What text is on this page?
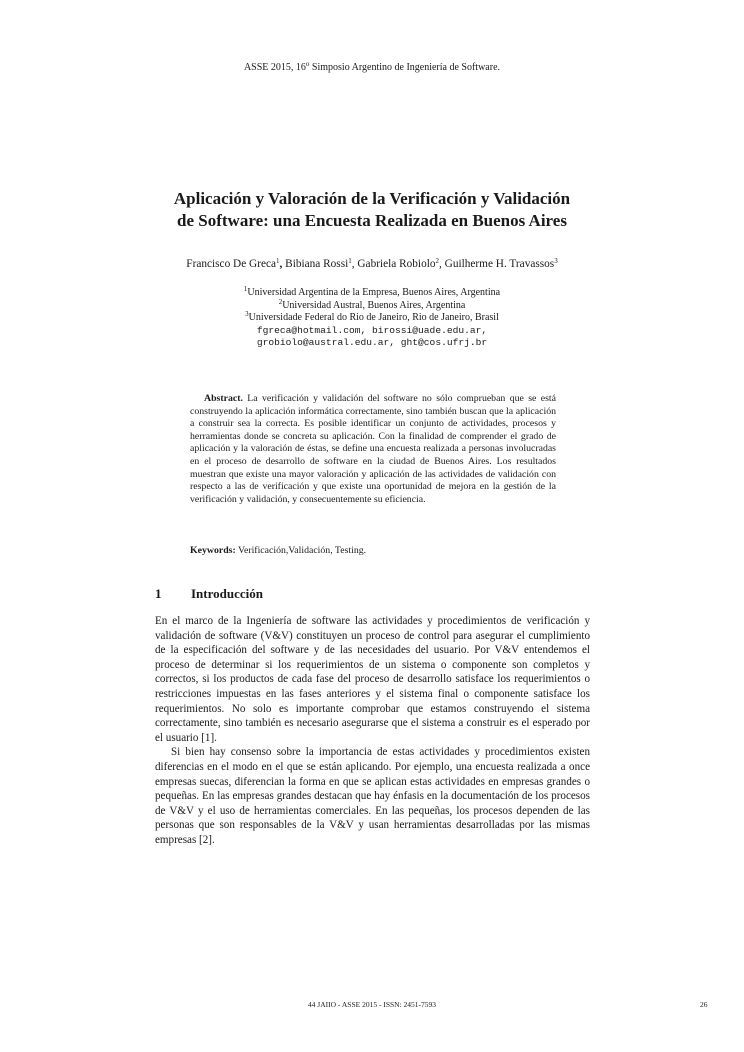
ASSE 2015, 16$^o$ Simposio Argentino de Ingeniería de Software.
Aplicación y Valoración de la Verificación y Validación
de Software: una Encuesta Realizada en Buenos Aires
Francisco De Greca$^1$, Bibiana Rossi$^1$, Gabriela Robiolo$^2$, Guilherme H. Travassos$^3$
$^1$Universidad Argentina de la Empresa, Buenos Aires, Argentina
$^2$Universidad Austral, Buenos Aires, Argentina
$^3$Universidade Federal do Rio de Janeiro, Rio de Janeiro, Brasil
fgreca@hotmail.com, birossi@uade.edu.ar,
grobiolo@austral.edu.ar, ght@cos.ufrj.br

Abstract. La verificación y validación del software no sólo comprueban que se está construyendo la aplicación informática correctamente, sino también buscan que la aplicación a construir sea la correcta. Es posible identificar un conjunto de actividades, procesos y herramientas donde se concreta su aplicación. Con la finalidad de comprender el grado de aplicación y la valoración de éstas, se define una encuesta realizada a personas involucradas en el proceso de desarrollo de software en la ciudad de Buenos Aires. Los resultados muestran que existe una mayor valoración y aplicación de las actividades de validación con respecto a las de verificación y que existe una oportunidad de mejora en la gestión de la verificación y validación, y consecuentemente su eficiencia.

Keywords: Verificación,Validación, Testing.
1 Introducción

En el marco de la Ingeniería de software las actividades y procedimientos de verificación y validación de software (V&V) constituyen un proceso de control para asegurar el cumplimiento de la especificación del software y de las necesidades del usuario. Por V&V entendemos el proceso de determinar si los requerimientos de un sistema o componente son completos y correctos, si los productos de cada fase del proceso de desarrollo satisface los requerimientos o restricciones impuestas en las fases anteriores y el sistema final o componente satisface los requerimientos. No solo es importante comprobar que estamos construyendo el sistema correctamente, sino también es necesario asegurarse que el sistema a construir es el esperado por el usuario [1].

Si bien hay consenso sobre la importancia de estas actividades y procedimientos existen diferencias en el modo en el que se están aplicando. Por ejemplo, una encuesta realizada a once empresas suecas, diferencian la forma en que se aplican estas actividades en empresas grandes o pequeñas. En las empresas grandes destacan que hay énfasis en la documentación de los procesos de V&V y el uso de herramientas comerciales. En las pequeñas, los procesos dependen de las personas que son responsables de la V&V y usan herramientas desarrolladas por las mismas empresas [2].

44 JAIIO - ASSE 2015 - ISSN: 2451-7593	26
